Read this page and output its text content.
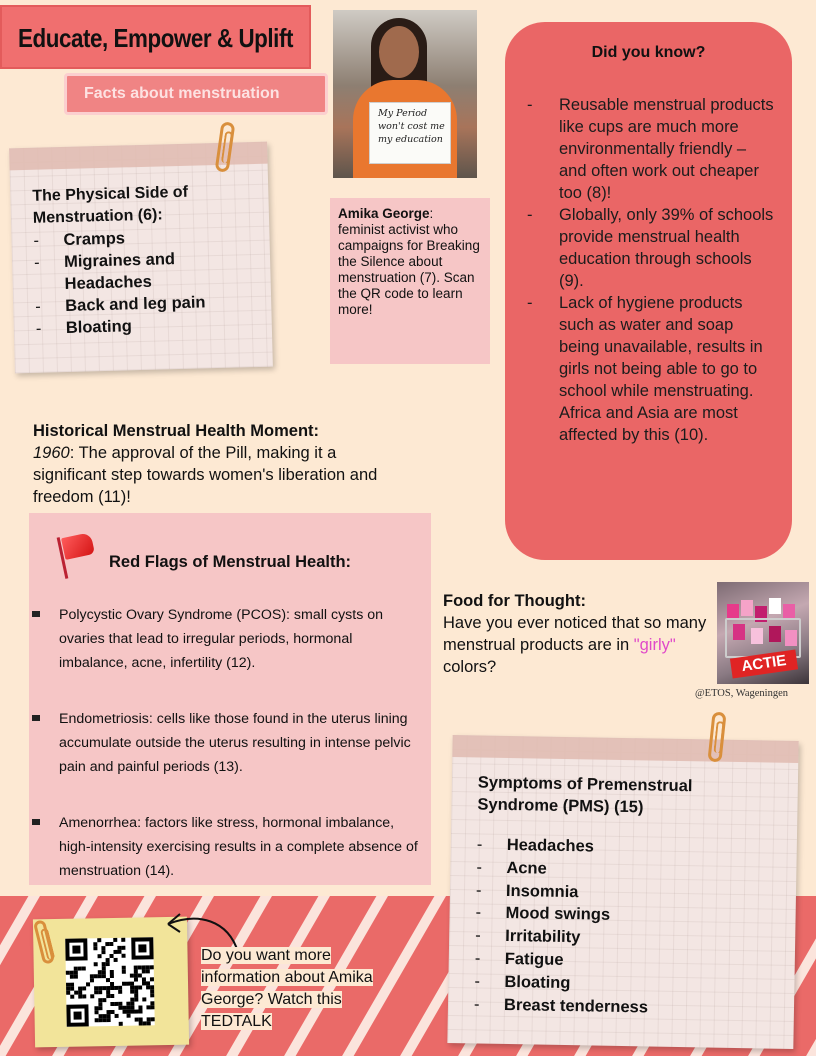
Educate, Empower & Uplift
Facts about menstruation
My Period
won't cost me
my education
Amika George: feminist activist who campaigns for Breaking the Silence about menstruation (7). Scan the QR code to learn more!
The Physical Side of Menstruation (6):
- Cramps
- Migraines and Headaches
- Back and leg pain
- Bloating
Did you know?
- Reusable menstrual products like cups are much more environmentally friendly – and often work out cheaper too (8)!
- Globally, only 39% of schools provide menstrual health education through schools (9).
- Lack of hygiene products such as water and soap being unavailable, results in girls not being able to go to school while menstruating. Africa and Asia are most affected by this (10).
Historical Menstrual Health Moment:
1960: The approval of the Pill, making it a significant step towards women's liberation and freedom (11)!
Red Flags of Menstrual Health:
Polycystic Ovary Syndrome (PCOS): small cysts on ovaries that lead to irregular periods, hormonal imbalance, acne, infertility (12).
Endometriosis: cells like those found in the uterus lining accumulate outside the uterus resulting in intense pelvic pain and painful periods (13).
Amenorrhea: factors like stress, hormonal imbalance, high-intensity exercising results in a complete absence of menstruation (14).
Food for Thought:
Have you ever noticed that so many menstrual products are in "girly" colors?	ACTIE
@ETOS, Wageningen
Do you want more information about Amika George? Watch this TEDTALK
Symptoms of Premenstrual Syndrome (PMS) (15)
- Headaches
- Acne
- Insomnia
- Mood swings
- Irritability
- Fatigue
- Bloating
- Breast tenderness
